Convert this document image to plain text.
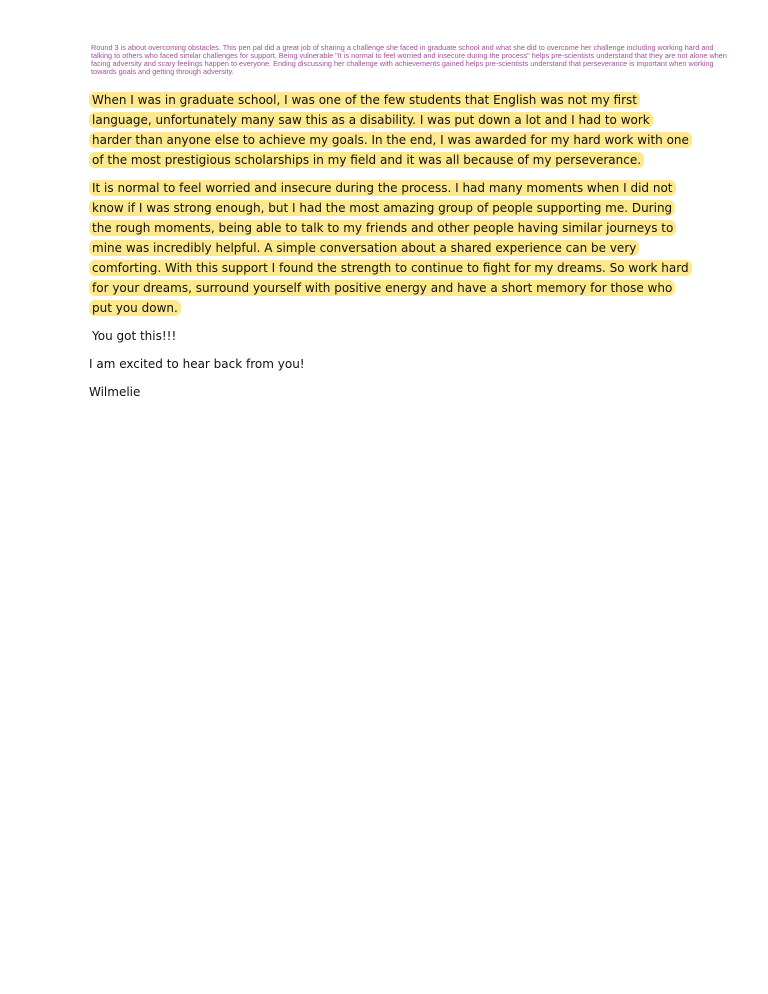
Round 3 is about overcoming obstacles. This pen pal did a great job of sharing a challenge she faced in graduate school and what she did to overcome her challenge including working hard and talking to others who faced similar challenges for support. Being vulnerable "It is normal to feel worried and insecure during the process" helps pre-scientists understand that they are not alone when facing adversity and scary feelings happen to everyone. Ending discussing her challenge with achievements gained helps pre-scientists understand that perseverance is important when working towards goals and getting through adversity.

When I was in graduate school, I was one of the few students that English was not my first language, unfortunately many saw this as a disability. I was put down a lot and I had to work harder than anyone else to achieve my goals. In the end, I was awarded for my hard work with one of the most prestigious scholarships in my field and it was all because of my perseverance.

It is normal to feel worried and insecure during the process. I had many moments when I did not know if I was strong enough, but I had the most amazing group of people supporting me. During the rough moments, being able to talk to my friends and other people having similar journeys to mine was incredibly helpful. A simple conversation about a shared experience can be very comforting. With this support I found the strength to continue to fight for my dreams. So work hard for your dreams, surround yourself with positive energy and have a short memory for those who put you down.

You got this!!!

I am excited to hear back from you!

Wilmelie
